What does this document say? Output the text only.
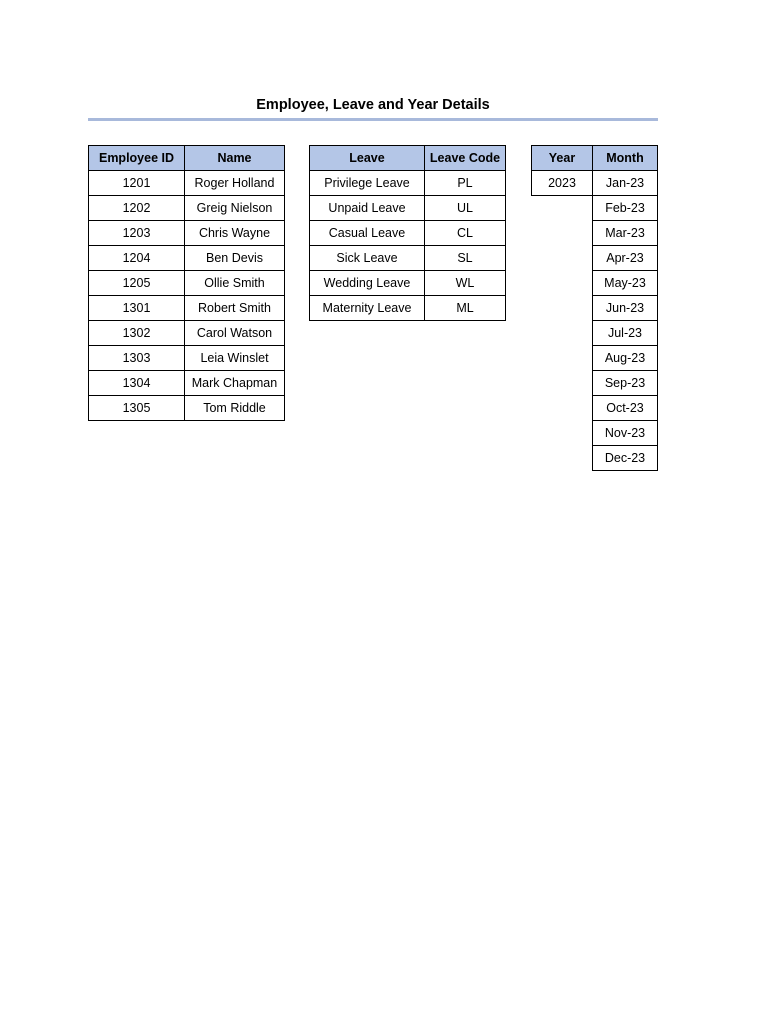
Employee, Leave and Year Details
Employee ID	Name
1201	Roger Holland
1202	Greig Nielson
1203	Chris Wayne
1204	Ben Devis
1205	Ollie Smith
1301	Robert Smith
1302	Carol Watson
1303	Leia Winslet
1304	Mark Chapman
1305	Tom Riddle
Leave	Leave Code
Privilege Leave	PL
Unpaid Leave	UL
Casual Leave	CL
Sick Leave	SL
Wedding Leave	WL
Maternity Leave	ML
Year	Month
2023	Jan-23
	Feb-23
	Mar-23
	Apr-23
	May-23
	Jun-23
	Jul-23
	Aug-23
	Sep-23
	Oct-23
	Nov-23
	Dec-23
